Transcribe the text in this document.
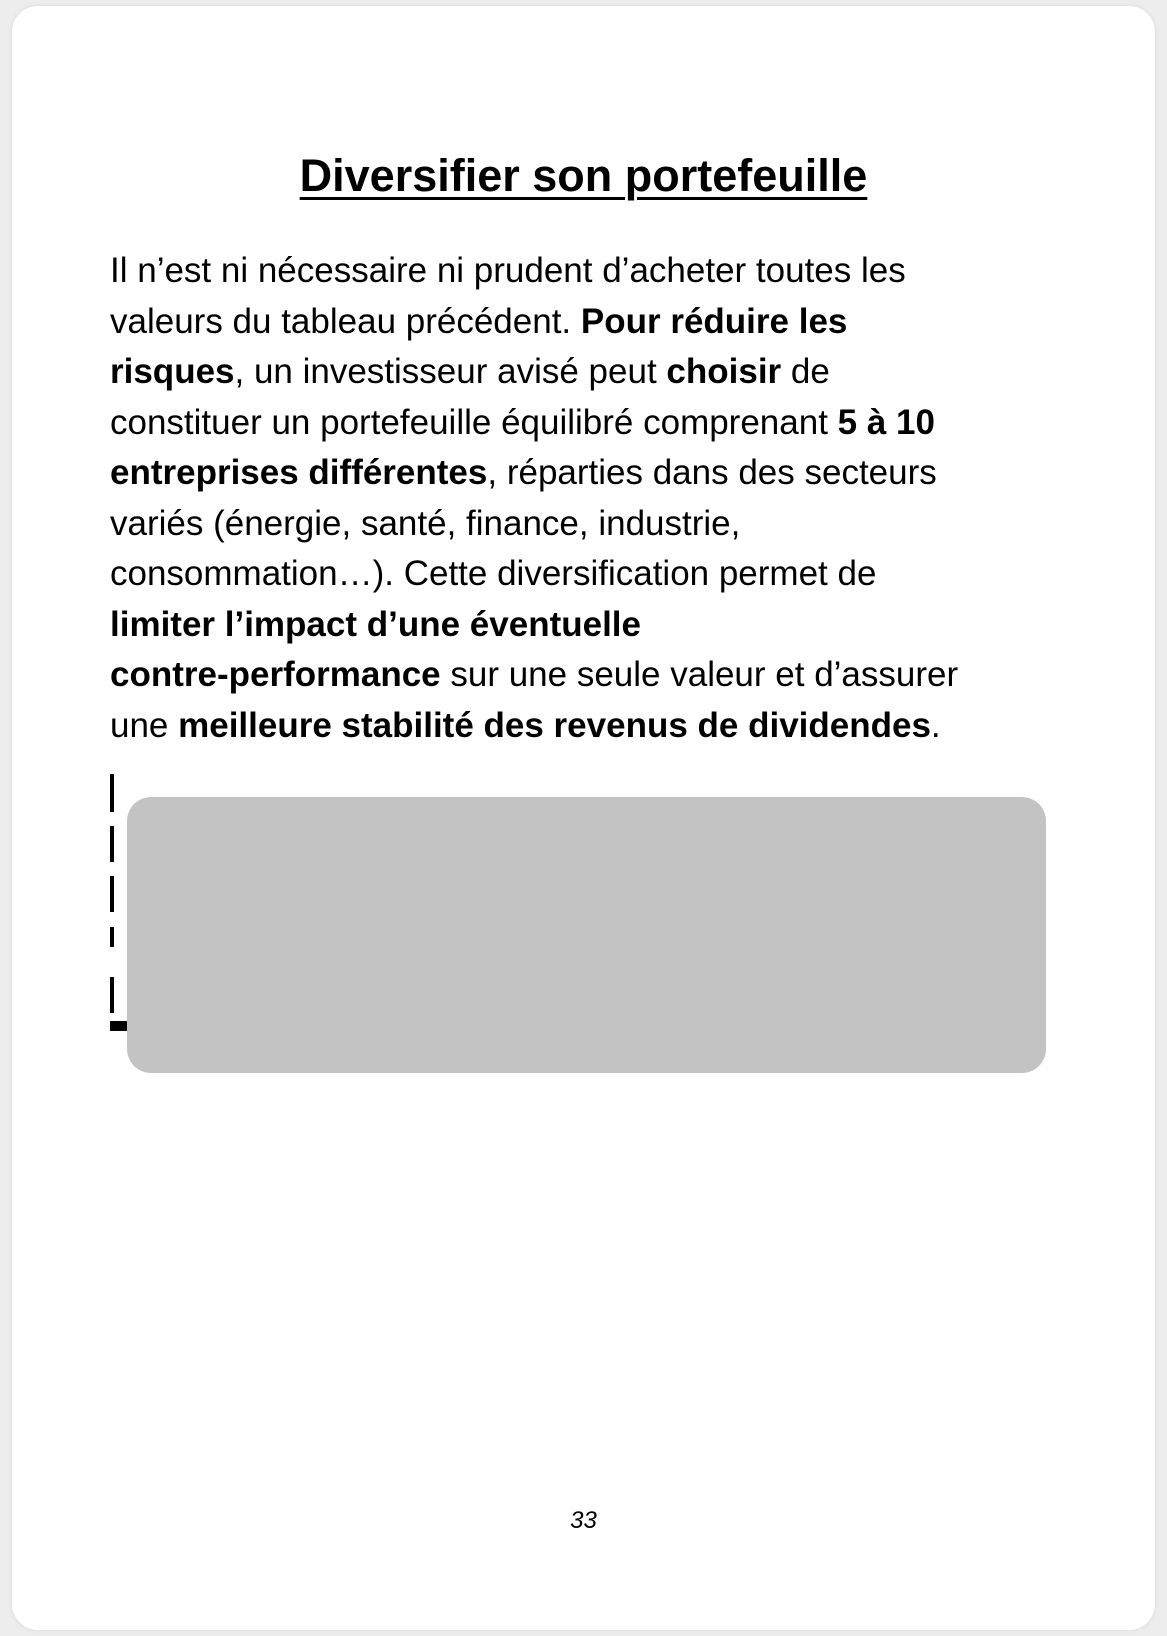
Diversifier son portefeuille

Il n’est ni nécessaire ni prudent d’acheter toutes les
valeurs du tableau précédent. Pour réduire les
risques, un investisseur avisé peut choisir de
constituer un portefeuille équilibré comprenant 5 à 10
entreprises différentes, réparties dans des secteurs
variés (énergie, santé, finance, industrie,
consommation…). Cette diversification permet de
limiter l’impact d’une éventuelle
contre-performance sur une seule valeur et d’assurer
une meilleure stabilité des revenus de dividendes.

33
